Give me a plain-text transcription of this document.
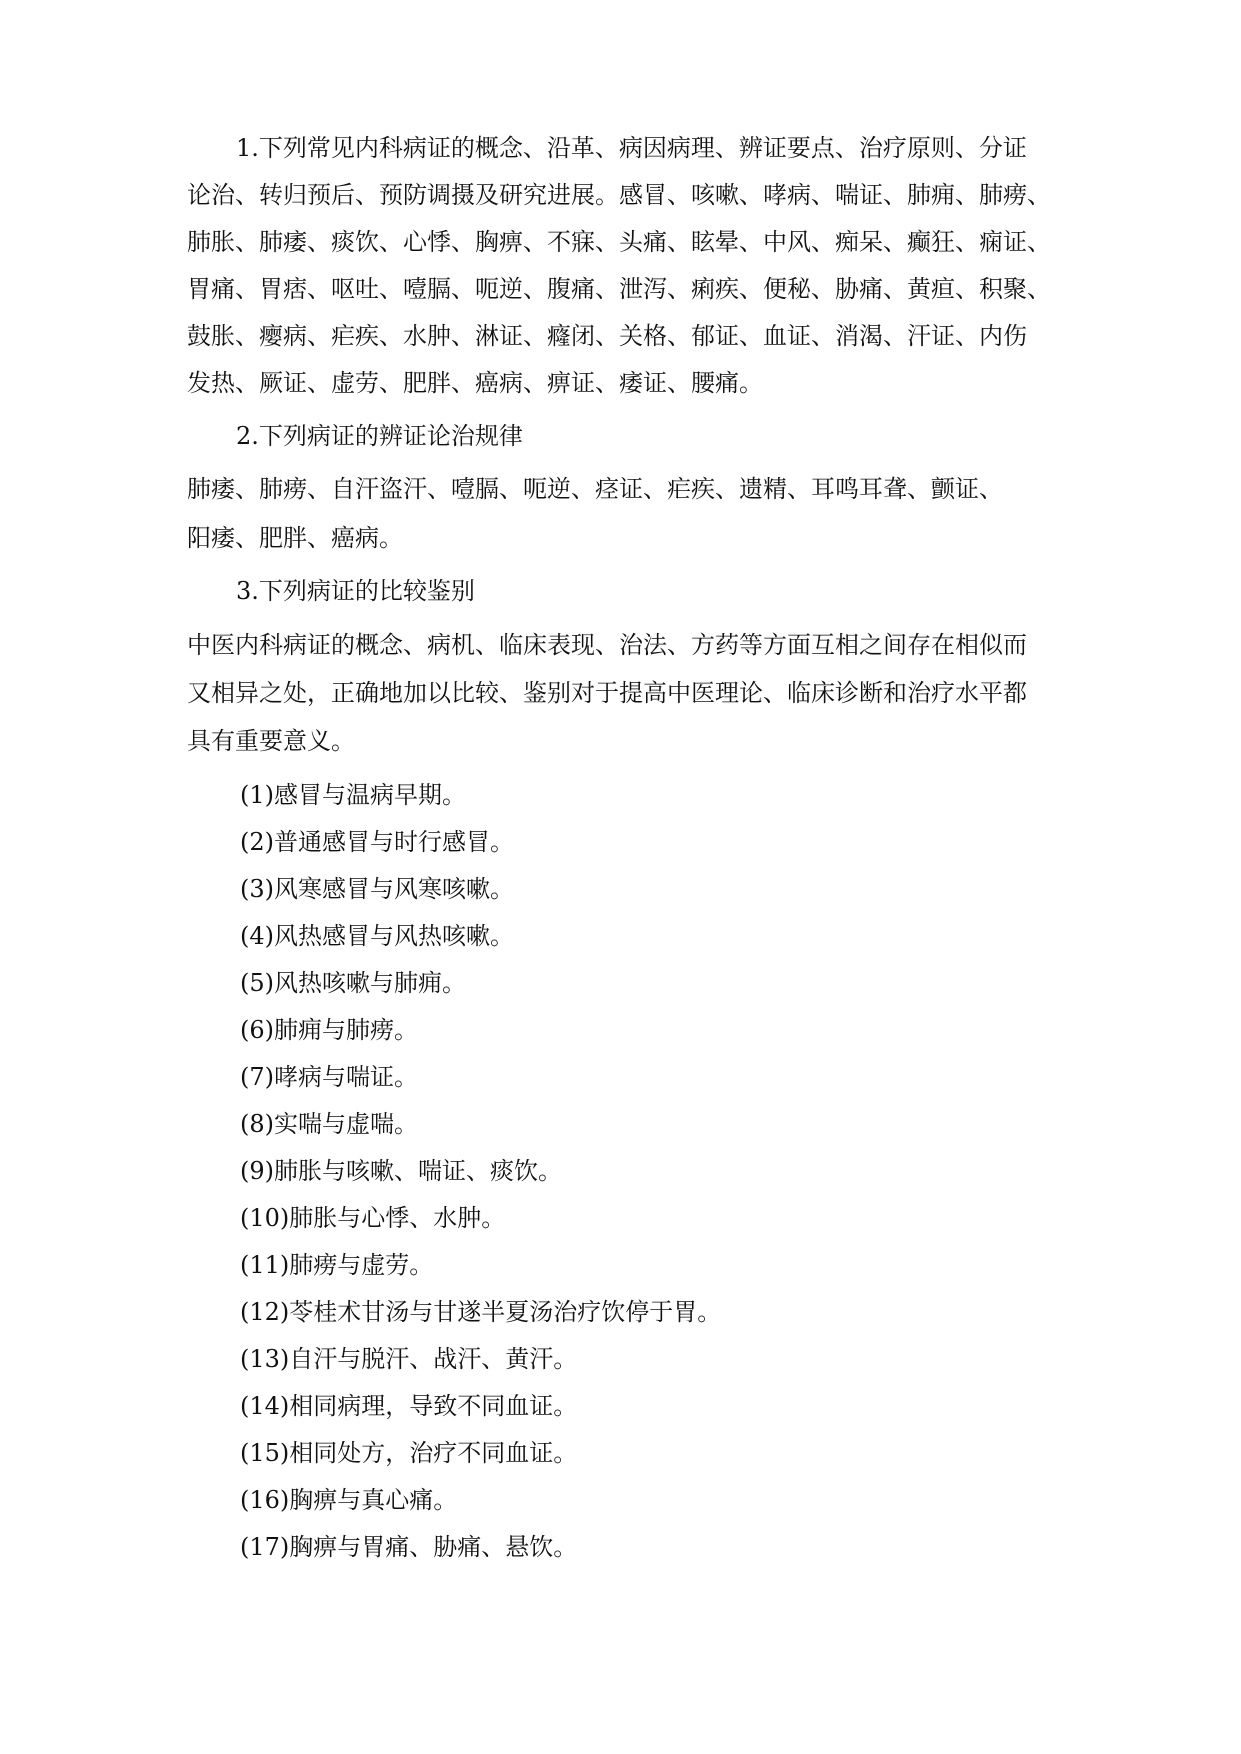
1.下列常见内科病证的概念、沿革、病因病理、辨证要点、治疗原则、分证
论治、转归预后、预防调摄及研究进展。感冒、咳嗽、哮病、喘证、肺痈、肺痨、
肺胀、肺痿、痰饮、心悸、胸痹、不寐、头痛、眩晕、中风、痴呆、癫狂、痫证、
胃痛、胃痞、呕吐、噎膈、呃逆、腹痛、泄泻、痢疾、便秘、胁痛、黄疸、积聚、
鼓胀、瘿病、疟疾、水肿、淋证、癃闭、关格、郁证、血证、消渴、汗证、内伤
发热、厥证、虚劳、肥胖、癌病、痹证、痿证、腰痛。
2.下列病证的辨证论治规律
肺痿、肺痨、自汗盗汗、噎膈、呃逆、痉证、疟疾、遗精、耳鸣耳聋、颤证、
阳痿、肥胖、癌病。
3.下列病证的比较鉴别
中医内科病证的概念、病机、临床表现、治法、方药等方面互相之间存在相似而
又相异之处，正确地加以比较、鉴别对于提高中医理论、临床诊断和治疗水平都
具有重要意义。
(1)感冒与温病早期。
(2)普通感冒与时行感冒。
(3)风寒感冒与风寒咳嗽。
(4)风热感冒与风热咳嗽。
(5)风热咳嗽与肺痈。
(6)肺痈与肺痨。
(7)哮病与喘证。
(8)实喘与虚喘。
(9)肺胀与咳嗽、喘证、痰饮。
(10)肺胀与心悸、水肿。
(11)肺痨与虚劳。
(12)苓桂术甘汤与甘遂半夏汤治疗饮停于胃。
(13)自汗与脱汗、战汗、黄汗。
(14)相同病理，导致不同血证。
(15)相同处方，治疗不同血证。
(16)胸痹与真心痛。
(17)胸痹与胃痛、胁痛、悬饮。
